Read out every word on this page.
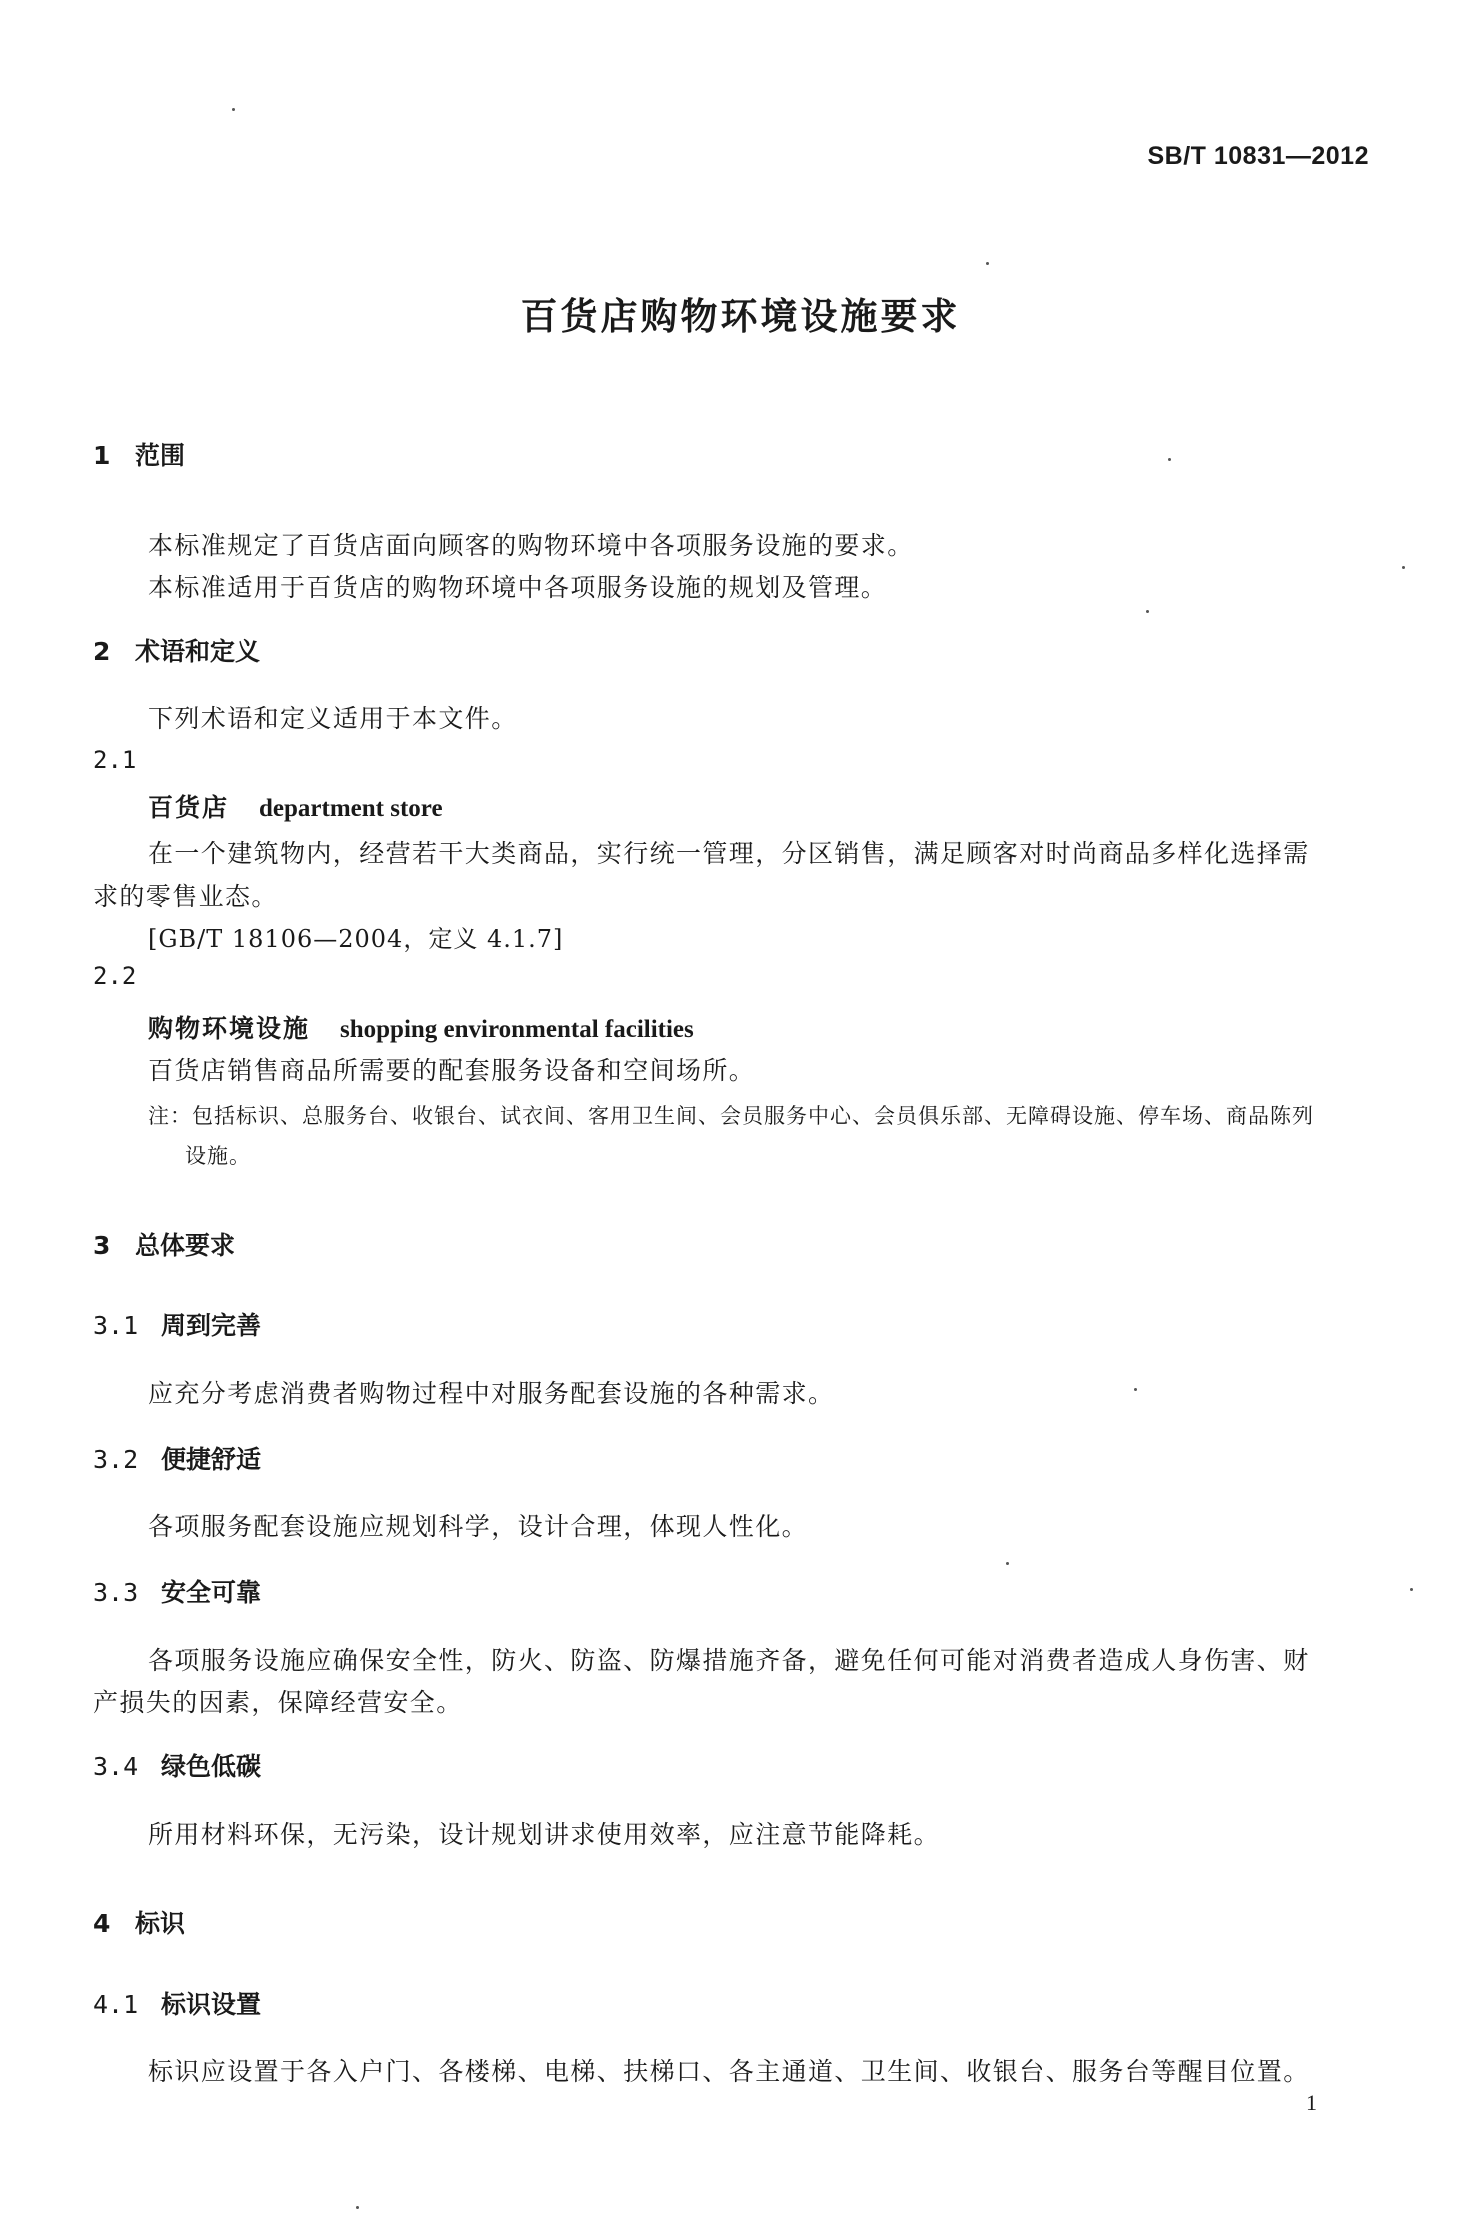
SB/T 10831—2012
百货店购物环境设施要求
1 范围
本标准规定了百货店面向顾客的购物环境中各项服务设施的要求。
本标准适用于百货店的购物环境中各项服务设施的规划及管理。
2 术语和定义
下列术语和定义适用于本文件。
2.1
百货店 department store
在一个建筑物内，经营若干大类商品，实行统一管理，分区销售，满足顾客对时尚商品多样化选择需
求的零售业态。
[GB/T 18106—2004，定义 4.1.7]
2.2
购物环境设施 shopping environmental facilities
百货店销售商品所需要的配套服务设备和空间场所。
注：包括标识、总服务台、收银台、试衣间、客用卫生间、会员服务中心、会员俱乐部、无障碍设施、停车场、商品陈列
设施。
3 总体要求
3.1 周到完善
应充分考虑消费者购物过程中对服务配套设施的各种需求。
3.2 便捷舒适
各项服务配套设施应规划科学，设计合理，体现人性化。
3.3 安全可靠
各项服务设施应确保安全性，防火、防盗、防爆措施齐备，避免任何可能对消费者造成人身伤害、财
产损失的因素，保障经营安全。
3.4 绿色低碳
所用材料环保，无污染，设计规划讲求使用效率，应注意节能降耗。
4 标识
4.1 标识设置
标识应设置于各入户门、各楼梯、电梯、扶梯口、各主通道、卫生间、收银台、服务台等醒目位置。
1
